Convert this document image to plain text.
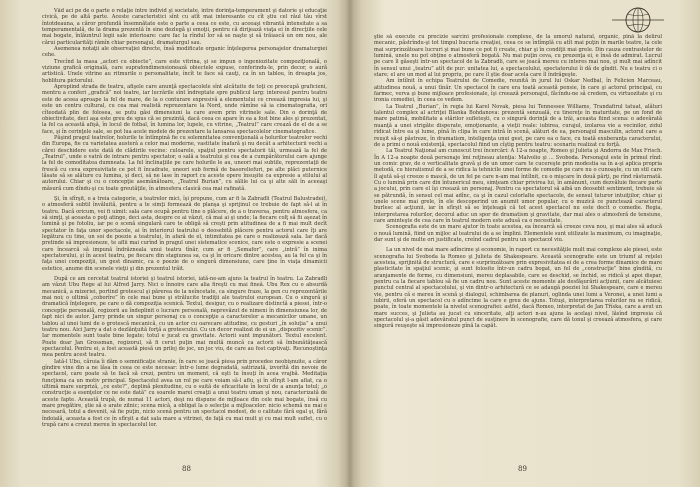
Văd aci pe de o parte o relaţie între individ şi societate, între dorinţa-temperament şi datorie şi educaţie civică, pe de altă parte. Aceste caracteristici sînt cu atît mai interesante cu cît ştiu cel răul tău vîrst întotdeauna, a căror profundă însemnătate este o parte a ceea ce este, cu aceeaşi vibrantă intensitate a sa temperamentală, de la drama prezentă în sine dezlegă şi emoţii, pentru că dirijează viaţa ei în direcţiile cele mai bogate, înlăuntrul legii sale interioare: care fac la rîndul lor să se naşte şi să trăiască un om nou, ale cărui particularităţi rămîn chiar personajul, dramaturgul sau.

Asemenea notaţii ale observaţiei directe, însă modificate organic înţelegerea personajelor dramaturgiei cehe.

Trecînd la masa „actori cu obiecte”, care este vitrina, şi se impun o ingeniozitate compoziţională, o viziune grafică originală, care suprafondimensionează obiectele expuse, conferindu-le, prin decor, o aură artistică. Unele vitrine au ritmurile o personalitate, încît te face să cauţi, ca în un tablou, în dreapta jos, hoblitura pictorului.

Apropiind strada de teatru, afişele care anunţă spectacolele sînt alcătuite de toţi ce preocupă graficieni, mentru a conferi „grafică” noi teatre, iar lucrările sînt îndreptate spre publicul larg: interesul pentru teatru este de aceea aproape la fel de mare, de la o conturare expresivă a elementului ce creează impresia lui, şi este un centru cultural, cu cea mai realistă reprezentare la Nord, unde rămîne să ia cinematografia, ori cîteodată plin de folosea, se putu găsi dimensiuni la care avem prin vitrinele sale. Din o dorinţă de obiectivitate, deci aşa este greu de spus că se prezintă, dacă ceea ce apare în ea a fost bine ales şi prezentat, la fel ca această afişă, în locul de fotbal, în lumina lor, lupele, cu vitrine, „Teatrul” care crează de el de a se face, şi în cerinţele sale, se pot lua acele modele de prezentare la lansarea spectacolelor cinematografice.

Păşind pragul teatrelor, holurile te întîmpină fie cu solemnitatea convenţională a holurilor teatrelor vechi din Europa, fie cu varietatea austeră a celor mai moderne, vastitate înafară şi nu decât a arhitecturii vechi a cărei deschidere este dată de clădirile vecine: culoarele, spaţiul pentru spectatorii tăi, urmează la fel de „Teatrul”, unde o vatră de intrare pentru spectator, o sală a teatrului şi cea de a cumpărătorului care ajunge la fel de comoditatea dumneata. La fel înclinaţiile pe care holurile le au, uneori mai subtile, reprezentaţii de frescă cu ceva expresivitate ce pot fi încadrate, uneori sub formă de basoreliefuri, pe alte plăci puternice lăsate să se alăture cu lumina, şi deci, să ne lase în raport cu aceste opere însuşite ca expresie a stilului al autorului. Chiar şi cu o concepţie asemănătoare, „Teatrul Burian”, cu sălile lui ca şi alte săli în aceeaşi măsură cum dîndu-şi cu toate greutăţile, în atmosfera clasică cea mai rafinată.

Şi, în sfîrşit, o a treia categorie, a teatrelor mici, îşi propune, cum ar fi la Zabradli (Teatrul Balustradei), o atmosferă subtil învăluită, pentru a te simţi formează de planşa şi sprijinul ce trebuie de fapt să-l ai în teatru. Dacă oricum, vei fi uimit: sala care ocupă pentru tine o plăcere, de a o traversa, pentru atmosfera, ca să simţi, şi aceasta o poţi atinge, deci asta, despre ce ai văzut, că mai ai şi unde; la fiecare colţ să fii aşezat în lumină şi pe fotoliu, iar pe o scenă singulară care te obligă să creşti prin atitudinea de a fi mai mult decît spectator în faţa unor spectacole, ai în interiorul teatrului o deosebită plăcere pentru actorul care îţi are legătura cu tine, un soi de poezie a teatrului, în afară de el, intimitatea pe care o realizează sala. Iar dacă pretinde să impresioneze, te aflii mai curînd în pragul unei sistematice scenice, care este o expresie a scenei care încearcă să impună îndrăzneala unui teatru tînăr, cum ar fi „Semafor”, care „intră” în inima spectatorului, şi în acest teatru, pe fiecare din stagiunea sa, ca şi în oricare dintre acestea, au la fel ca şi în faţa unei compoziţii, un gest dinamic, ca o poezie de o singură dimensiune, care ţine în viaţa dinamicii estetice, anume din scenele vieţii şi din prezentul trăit.

După ce am cercetat teatrul istoriei şi teatrul istoriei, iată-ne-am ajuns la teatrul în teatru. La Zabradli am văzut Ubu Rege al lui Alfred Jarry. Nici o înnoire care alia fireşti cu mai fineă. Ubu Rex cu o absurdă mecanică, a mizeriei, portind grotescul şi părerea de la neîncetate, ca singure fraze, la gen cu reprezentările mai noi; o ultimă „coborîre” în cele mai bune şi strălucite tradiţii ale teatrului european. Cu o singură şi dramatică înţelegere, pe care o dă compoziţia scenică. Textul, desigur, cu o realizare distinctă a piesei, într-o concepţie personală, regizorii au îndeplinit o lucrare personală, neprevăzut de nimeni în dimensiunea lor, de fapt nici de autor. Jarry prinde un singur personaj cu o concepţie a caracterelor a mecanicilor umane, un tablou al unei lumi de o grotescă mecanică, cu un actor cu oarecare atitudine, cu gesturi „în soluţia” a unui teatru nou. Aici Jarry a dat o dezlănţuită forţă a grotescului. Cu un decor realizat de ei un „dispozitiv scenic”. Iar momentele sunt toate bine legate; totul e jucat cu gravitate. Actorii sunt impunători. Textul excelent. Poate doar Jan Grossman, regizorul, să fi cerut puţin mai multă muncă ca actorii să îmbunătăţească spectacolul. Pentru ei, a fost această piesă un prilej de joc, un joc viu, de care au fost captivaţi. Recunoştinţa mea pentru acest teatru.

Iată-l Ubu, căruia îi dăm o semnificaţie stranie, în care se joacă piesa prin procedee neobişnuite, a căror gîndire vine din a ne lăsa în ceea ce este necesar: într-o lume degradată, satirizată, izvorîtă din nevoie de spectacol, care poate să te facă să crezi, pentru un moment, că eşti tu însuţi în acea vrajbă. Meditaţia funcţiona ca un motiv principal. Spectacolul avea un rol pe care voiam să-l aflu, şi în sfîrşit l-am aflat, ca o ultimă mare surpriză, „ce este?”, deplină plenitudine, cu o suită de eficacitate în locul de a anunţa totul; „o construcţie a esenţelor ce ne este dată” cu soarele marei creaţii a unui teatru uman şi nou, caracterizată de aceste fapte. Această trupă, de numai 11 actori, deşi nu dispune de mijloace din cele mai bogate, însă cu mare pregătire, ştie să o arate zilnic; scena mică, a obligat la o selecţie a mijloacelor: nicio schemă nu mai e necesară, totul a devenit, să fie puţin, nicio scenă pentru un spectacol modest, de o calitate fără egal şi, fără îndoială, aceasta a fost ce în sfîrşit a dat sala mare a vitrinei, de faţă cu mai mult şi cu mai mult suflet, cu o trupă care a crezut mereu în spectacolul lor.

88

ştie să execute cu precizie sarcini profesionale complexe, de la umorul natural, organic, pînă la delirul mecanic, păstrîndu-şi tot timpul bucuria creaţiei, ceea ce se întîmplă cu atît mai puţin în marile teatre, la cele mai surprinzătoare lucruri şi mai bune ce pot fi create, chiar şi în condiţii mai grele. Din cauza contrastelor de lumină, unele nu pot obţine o atmosferă bogată. Nu mai puţin ceva, cu prezenţa ei, e însă de admirat. Lucrul pe care îl găseşti într-un spectacol de la Zabradli, care se joacă mereu cu interes mai nou, şi mult mai adîncit în sensul unui „teatru” atît de pur: unitatea lui, a spectacolului, spectatorului îi dă de gîndit. Nu e teatru ci o stare; el are un mod al lui propriu, pe care îl ştie doar acela care îl îndrăgeşte.

Am întîlnit în echipa Teatrului de Comedie, reunită în jurul lui Oskar Nedbal, în Felicien Marceau, atitudinea nouă, a unui tînăr. Un spectacol în care era toată această pensie, în care şi actorul principal, cu farmec, verva şi bune mijloace profesionale, îşi creează personajul, făcîndu-ne să credem, cu virtuozitate şi cu ironia comediei, în ceea ce vedem.

La Teatrul „Burian”, în regia lui Karel Novak, piesa lui Tennessee Williams, Trandafirul tatuat, alături talentul complex al actriţei Blanka Bohdanova: prezentă senzuală, cu tinereţe în maturitate, pe un fond de mare patimă, mobilitate a stărilor sufleteşti, cu o singură dorinţă de a trăi, aceasta fiind scena: o adevărată nuanţă a unei strigăte disperate, emoţionante, a vieţii reale: iubirea, curajul, izolarea vie a vecinilor, zidul ridicat între ea şi lume, pînă în clipa în care intră în scenă, alături de ea, personajul masculin, actorul care a reuşit să-şi păstreze, în dramatism, inteligenţa unui gest, pe care ea o face, cu toată exuberanţa caracterului, de a primi o nouă existenţă, spectacolul fiind un cîştig pentru teatru: scenariu realizat cu forţă.

La Teatrul Naţional am cunoscut trei încercări: A 12-a noapte, Romeo şi Julieta şi Andorra de Max Frisch. În A 12-a noapte două personaje îmi reţineau atenţia: Malvolio şi ... Svoboda. Personajul este în primul rînd: un comic grav, de o verticalitate gravă şi de un umor care te cucereşte prin modestia sa în a-şi aplica propria metodă, cu hieratismul de a se ridica la tehnicile unei forme de comedie pe care nu o cunoaşte, cu un stil care îl ajută să-şi creeze o mască, de un fel pe care n-am mai întîlnit, cu o mişcare în două părţi, pe rînd răsturnată. Cu o lumină prin care din întunericul meu, simţeam chiar privirea lui, în amănunt, cum dezvăluie fiecare parte a jocului, prin care el îşi creează un personaj. Pentru ca spectatorul să aibă un deosebit sentiment, trebuie să se pătrundă, în sensul cel mai adînc, ca şi în cazul celorlalte spectacole, de sensul tuturor intuiţiilor, chiar şi unele scene mai grele, în ele descoperind un anumit umor popular, cu o muzică ce punctează caracterul burlesc al acţiunii, iar în sfîrşit să se înţeleagă că tot acest spectacol nu este decît o comedie. Regia, interpretarea rolurilor, decorul aduc un spor de dramatism şi gravitate, dar mai ales o atmosferă de tensiune, care aminteşte de cea care în teatrul modern este adusă ca o necesitate.

Scenografia este de un mare ajutor în toate acestea, ea încearcă să creeze ceva nou, şi mai ales să aducă o nouă lumină, fiind un mijloc al teatrului de a se împlini. Elementele sunt utilizate la maximum, cu imaginaţie, dar sunt şi de multe ori justificate, creînd cadrul pentru un spectacol viu.

La un nivel de mai mare adîncime şi economie, în raport cu necesităţile mult mai complexe ale piesei, este scenografia lui Svoboda la Romeo şi Julieta de Shakespeare. Această scenografie este un triumf al reţelei acesteia, sprijinită de structură, care e surprinzătoare prin expresivitatea ei de a crea forme dinamice de mare plasticitate în spaţiul scenic, şi sunt folosite într-un cadru bogat, un fel de „construcţie” bine gîndită, cu aranjamente de forme, cu dimensiuni, mereu deplasabile, care se deschid, se închid, se ridică şi apoi dispar, pentru ca la fiecare tablou să fie un cadru nou. Sunt aceste momente ale desfăşurării acţiunii, care alcătuiesc punctul central al spectacolului, şi vin dintr-o arhitectură ce se adaugă poeziei lui Shakespeare, care e mereu vie, pentru că e mereu în scenă şi dialogul, schimbarea de planuri, oglinda unei lumi a Veronei, a unei lumi a iubirii, oferă un spectacol cu o adîncime la care e greu de ajuns. Totuşi, interpretarea rolurilor nu se ridică, poate, în toate momentele la nivelul scenografiei: astfel, dacă Romeo, interpretat de Jan Tříska, care a avut un mare succes, şi Julieta au jucat cu sinceritate, alţi actori n-au ajuns la acelaşi nivel, lăsînd impresia că spectacolul şi-a găsit adevăratul punct de susţinere în scenografie, care dă tonul şi creează atmosfera, şi care singură reuşeşte să impresioneze pînă la capăt.

89
